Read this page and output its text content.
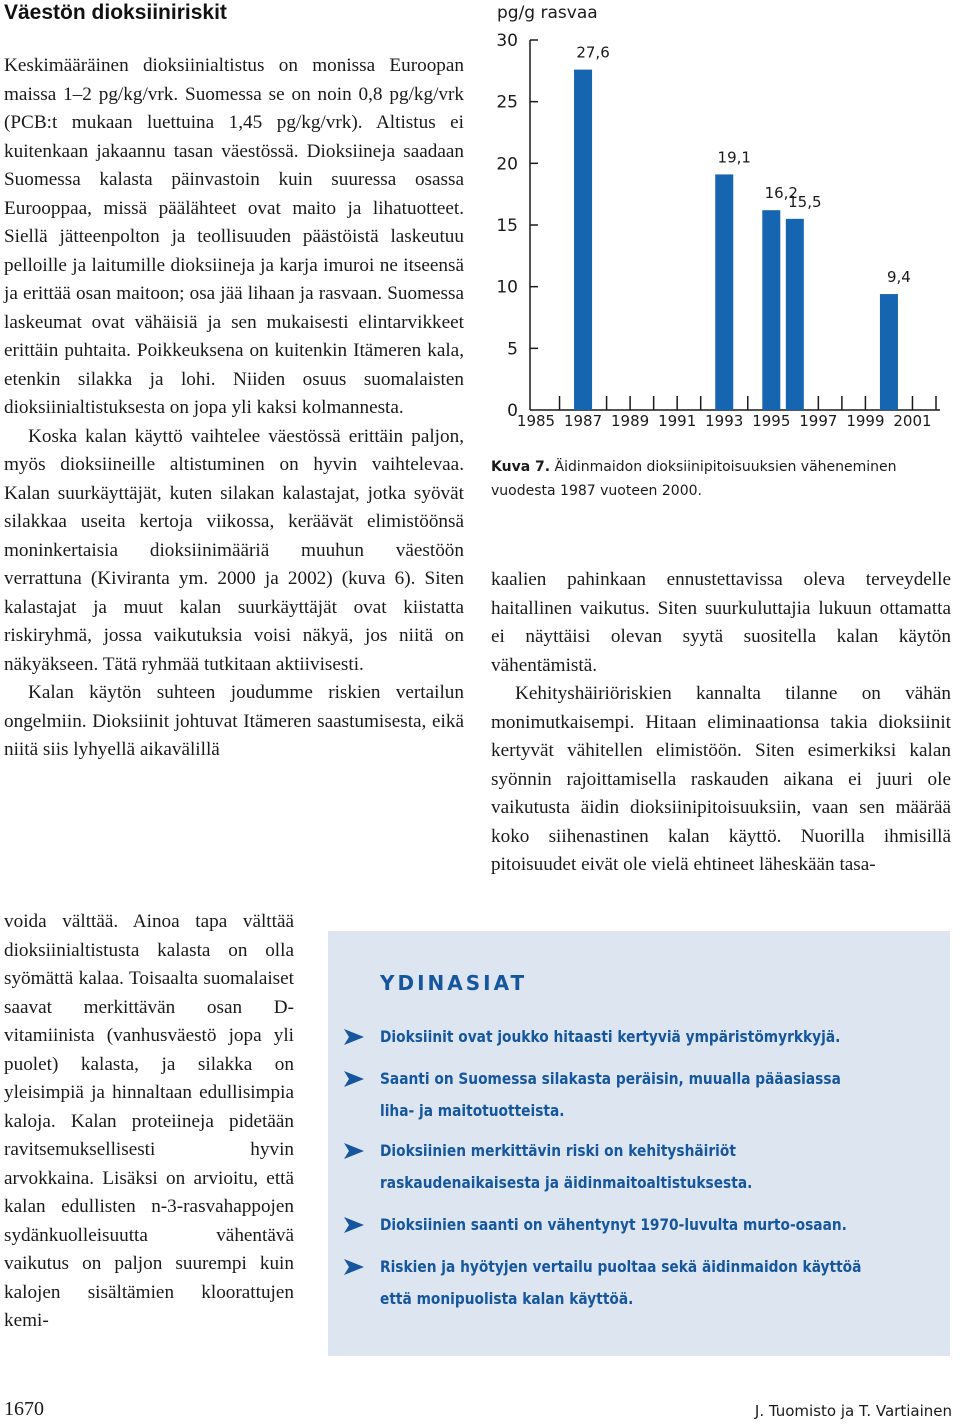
Väestön dioksiiniriskit

Keskimääräinen dioksiinialtistus on monissa Euroopan maissa 1–2 pg/kg/vrk. Suomessa se on noin 0,8 pg/kg/vrk (PCB:t mukaan luettuina 1,45 pg/kg/vrk). Altistus ei kuitenkaan jakaannu tasan väestössä. Dioksiineja saadaan Suomessa kalasta päinvastoin kuin suuressa osassa Eurooppaa, missä päälähteet ovat maito ja lihatuotteet. Siellä jätteenpolton ja teollisuuden päästöistä laskeutuu pelloille ja laitumille dioksiineja ja karja imuroi ne itseensä ja erittää osan maitoon; osa jää lihaan ja rasvaan. Suomessa laskeumat ovat vähäisiä ja sen mukaisesti elintarvikkeet erittäin puhtaita. Poikkeuksena on kuitenkin Itämeren kala, etenkin silakka ja lohi. Niiden osuus suomalaisten dioksiinialtistuksesta on jopa yli kaksi kolmannesta.

Koska kalan käyttö vaihtelee väestössä erittäin paljon, myös dioksiineille altistuminen on hyvin vaihtelevaa. Kalan suurkäyttäjät, kuten silakan kalastajat, jotka syövät silakkaa useita kertoja viikossa, keräävät elimistöönsä moninkertaisia dioksiinimääriä muuhun väestöön verrattuna (Kiviranta ym. 2000 ja 2002) (kuva 6). Siten kalastajat ja muut kalan suurkäyttäjät ovat kiistatta riskiryhmä, jossa vaikutuksia voisi näkyä, jos niitä on näkyäkseen. Tätä ryhmää tutkitaan aktiivisesti.

Kalan käytön suhteen joudumme riskien vertailun ongelmiin. Dioksiinit johtuvat Itämeren saastumisesta, eikä niitä siis lyhyellä aikavälillä

voida välttää. Ainoa tapa välttää dioksiinialtistusta kalasta on olla syömättä kalaa. Toisaalta suomalaiset saavat merkittävän osan D-vitamiinista (vanhusväestö jopa yli puolet) kalasta, ja silakka on yleisimpiä ja hinnaltaan edullisimpia kaloja. Kalan proteiineja pidetään ravitsemuksellisesti hyvin arvokkaina. Lisäksi on arvioitu, että kalan edullisten n-3-rasvahappojen sydänkuolleisuutta vähentävä vaikutus on paljon suurempi kuin kalojen sisältämien kloorattujen kemi-

pg/g rasvaa
0
5
10
15
20
25
30
1985 1987 1989 1991 1993 1995 1997 1999 2001
27,6
19,1
16,2
15,5
9,4
Kuva 7. Äidinmaidon dioksiinipitoisuuksien väheneminen vuodesta 1987 vuoteen 2000.

kaalien pahinkaan ennustettavissa oleva terveydelle haitallinen vaikutus. Siten suurkuluttajia lukuun ottamatta ei näyttäisi olevan syytä suositella kalan käytön vähentämistä.

Kehityshäiriöriskien kannalta tilanne on vähän monimutkaisempi. Hitaan eliminaationsa takia dioksiinit kertyvät vähitellen elimistöön. Siten esimerkiksi kalan syönnin rajoittamisella raskauden aikana ei juuri ole vaikutusta äidin dioksiinipitoisuuksiin, vaan sen määrää koko siihenastinen kalan käyttö. Nuorilla ihmisillä pitoisuudet eivät ole vielä ehtineet läheskään tasa-

YDINASIAT
Dioksiinit ovat joukko hitaasti kertyviä ympäristömyrkkyjä.
Saanti on Suomessa silakasta peräisin, muualla pääasiassa liha- ja maitotuotteista.
Dioksiinien merkittävin riski on kehityshäiriöt raskaudenaikaisesta ja äidinmaitoaltistuksesta.
Dioksiinien saanti on vähentynyt 1970-luvulta murto-osaan.
Riskien ja hyötyjen vertailu puoltaa sekä äidinmaidon käyttöä että monipuolista kalan käyttöä.
1670	J. Tuomisto ja T. Vartiainen
